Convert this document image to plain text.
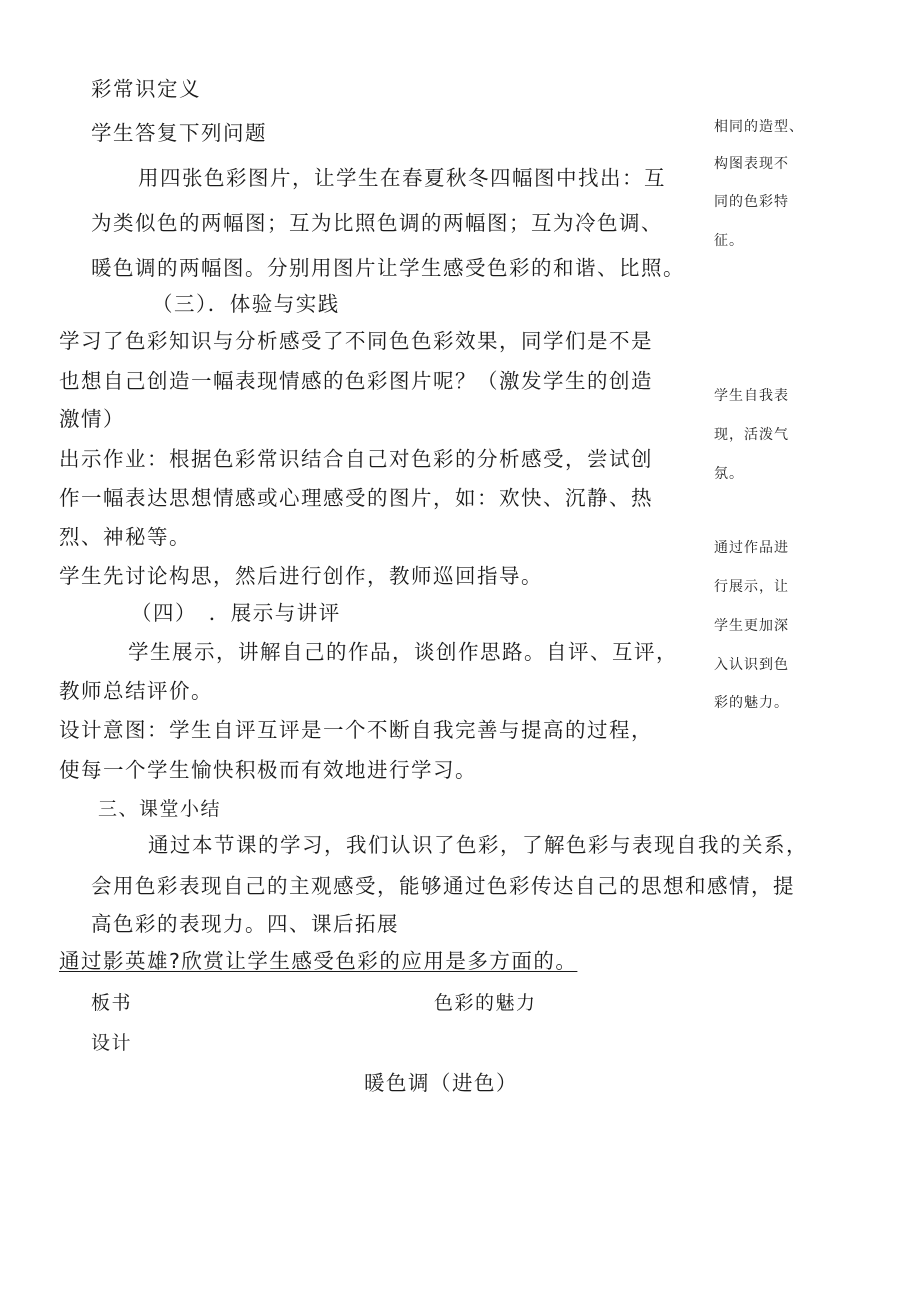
彩常识定义
学生答复下列问题
用四张色彩图片，让学生在春夏秋冬四幅图中找出：互
为类似色的两幅图；互为比照色调的两幅图；互为冷色调、
暖色调的两幅图。分别用图片让学生感受色彩的和谐、比照。
（三）．体验与实践
学习了色彩知识与分析感受了不同色色彩效果，同学们是不是
也想自己创造一幅表现情感的色彩图片呢？（激发学生的创造
激情）
出示作业：根据色彩常识结合自己对色彩的分析感受，尝试创
作一幅表达思想情感或心理感受的图片，如：欢快、沉静、热
烈、神秘等。
学生先讨论构思，然后进行创作，教师巡回指导。
（四）　．展示与讲评
学生展示，讲解自己的作品，谈创作思路。自评、互评，
教师总结评价。
设计意图：学生自评互评是一个不断自我完善与提高的过程，
使每一个学生愉快积极而有效地进行学习。
三、课堂小结
通过本节课的学习，我们认识了色彩，了解色彩与表现自我的关系，
会用色彩表现自己的主观感受，能够通过色彩传达自己的思想和感情，提
高色彩的表现力。四、课后拓展
通过影英雄?欣赏让学生感受色彩的应用是多方面的。
板书
设计
色彩的魅力
暖色调（进色）
相同的造型、
构图表现不
同的色彩特
征。
学生自我表
现，活泼气
氛。
通过作品进
行展示，让
学生更加深
入认识到色
彩的魅力。
